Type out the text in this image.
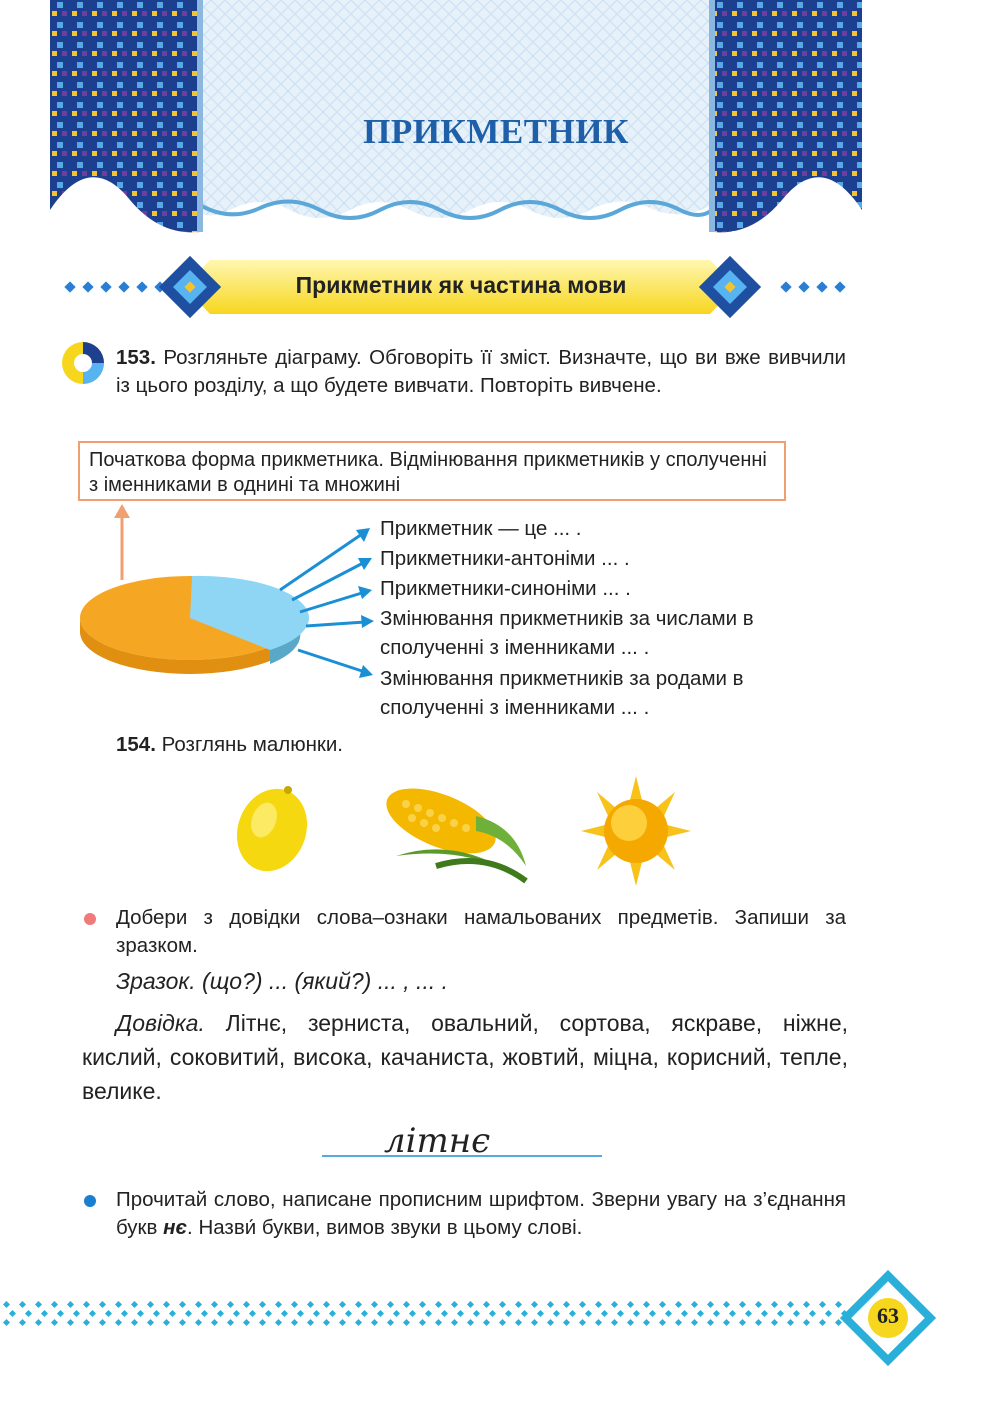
ПРИКМЕТНИК
Прикметник як частина мови
153. Розгляньте діаграму. Обговоріть її зміст. Визначте, що ви вже вивчили із цього розділу, а що будете вивчати. Повторіть вивчене.
Початкова форма прикметника. Відмінювання прикметників у сполученні з іменниками в однині та множині
Прикметник — це ... .
Прикметники-антоніми ... .
Прикметники-синоніми ... .
Змінювання прикметників за числами в сполученні з іменниками ... .
Змінювання прикметників за родами в сполученні з іменниками ... .
154. Розглянь малюнки.
Добери з довідки слова–ознаки намальованих предметів. Запиши за зразком.
Зразок. (що?) ... (який?) ... , ... .
Довідка. Літнє, зерниста, овальний, сортова, яскраве, ніжне, кислий, соковитий, висока, качаниста, жовтий, міцна, корисний, тепле, велике.
літнє
Прочитай слово, написане прописним шрифтом. Зверни увагу на з’єднання букв нє. Назви́ букви, вимов звуки в цьому слові.
63
